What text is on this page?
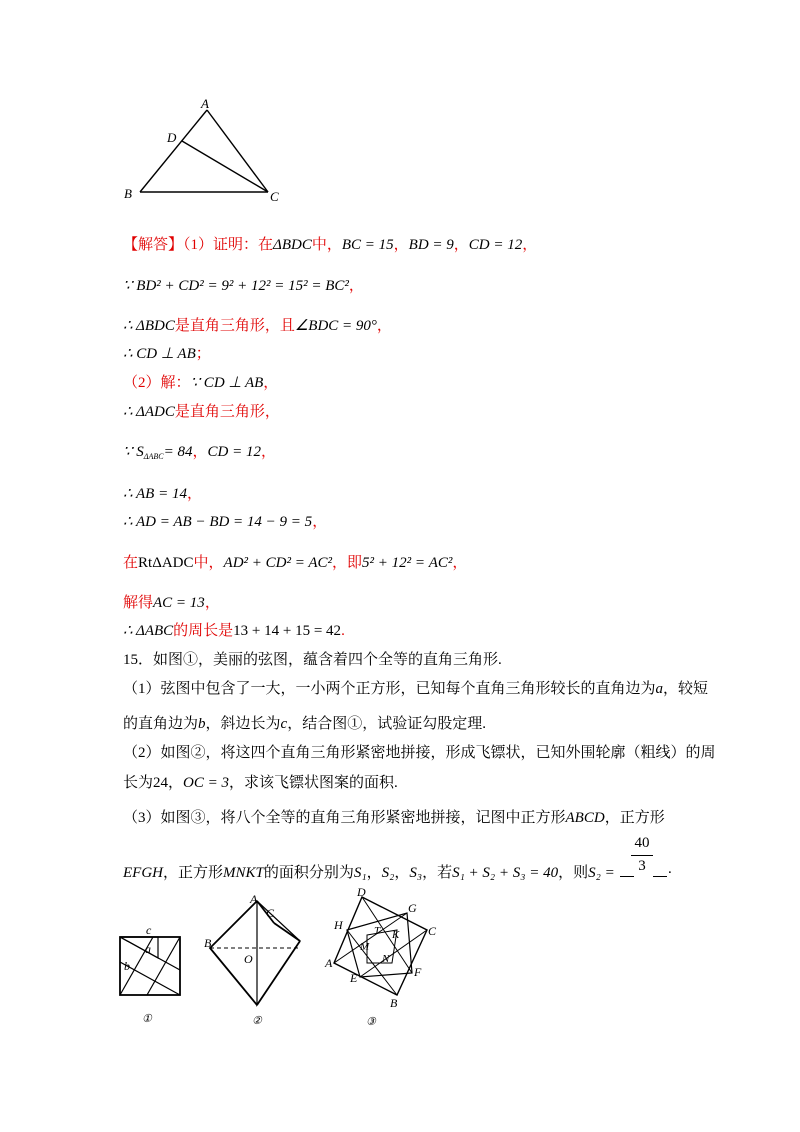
A
D
B	C
【解答】（1）证明：在ΔBDC中，BC = 15，BD = 9，CD = 12，
∵ BD² + CD² = 9² + 12² = 15² = BC²，
∴ ΔBDC是直角三角形，且∠BDC = 90°，
∴ CD ⊥ AB；
（2）解：∵ CD ⊥ AB，
∴ ΔADC是直角三角形，
∵ $S_{\Delta ABC}= 84$，CD = 12，
∴ AB = 14，
∴ AD = AB − BD = 14 − 9 = 5，
在RtΔADC中，AD² + CD² = AC²，即5² + 12² = AC²，
解得AC = 13，
∴ ΔABC的周长是13 + 14 + 15 = 42.
15．如图①，美丽的弦图，蕴含着四个全等的直角三角形.
（1）弦图中包含了一大，一小两个正方形，已知每个直角三角形较长的直角边为a，较短
的直角边为b，斜边长为c，结合图①，试验证勾股定理.
（2）如图②，将这四个直角三角形紧密地拼接，形成飞镖状，已知外围轮廓（粗线）的周
长为24，OC = 3，求该飞镖状图案的面积.
（3）如图③，将八个全等的直角三角形紧密地拼接，记图中正方形ABCD，正方形
EFGH，正方形MNKT的面积分别为S₁，S₂，S₃，若S₁ + S₂ + S₃ = 40，则S₂ =
40
3	.
c
a
b
①
A
C
B
O
②
D
G
H	T K C
M
N
A
E	F
B
③
